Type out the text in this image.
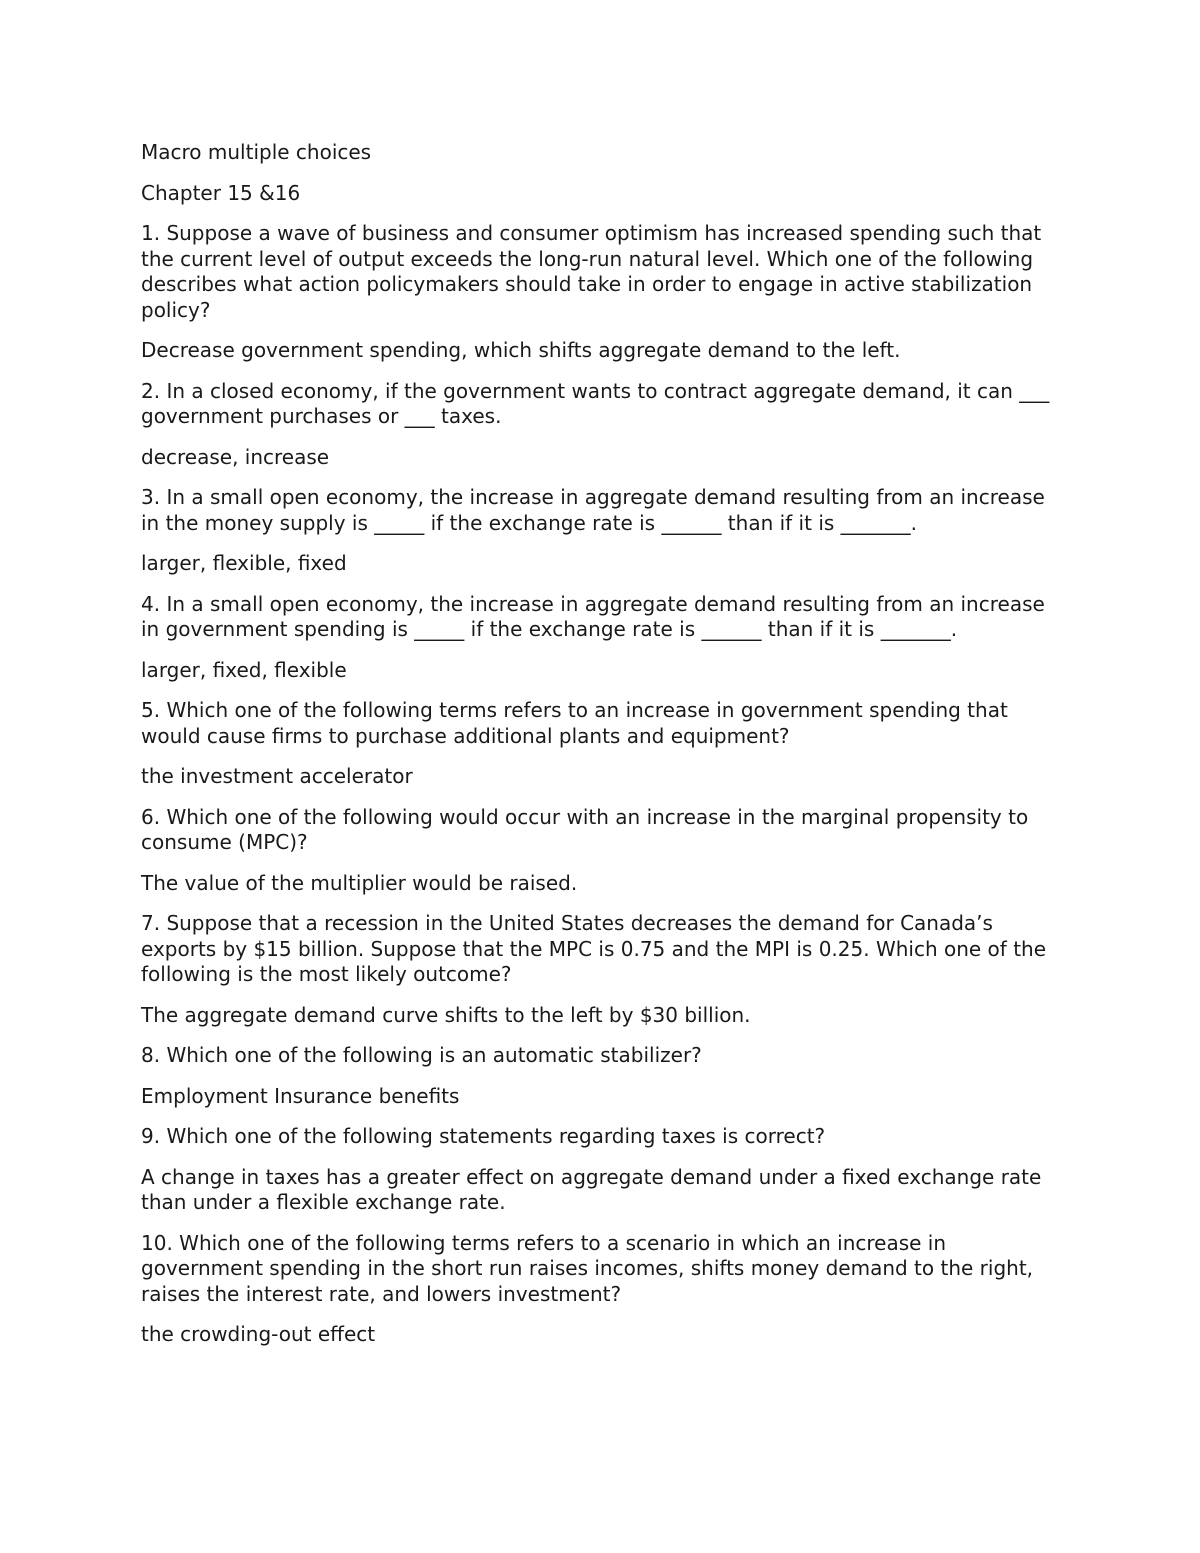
Macro multiple choices

Chapter 15 &16

1. Suppose a wave of business and consumer optimism has increased spending such that the current level of output exceeds the long-run natural level. Which one of the following describes what action policymakers should take in order to engage in active stabilization policy?

Decrease government spending, which shifts aggregate demand to the left.

2. In a closed economy, if the government wants to contract aggregate demand, it can ___ government purchases or ___ taxes.

decrease, increase

3. In a small open economy, the increase in aggregate demand resulting from an increase in the money supply is _____ if the exchange rate is ______ than if it is _______.

larger, flexible, fixed

4. In a small open economy, the increase in aggregate demand resulting from an increase in government spending is _____ if the exchange rate is ______ than if it is _______.

larger, fixed, flexible

5. Which one of the following terms refers to an increase in government spending that would cause firms to purchase additional plants and equipment?

the investment accelerator

6. Which one of the following would occur with an increase in the marginal propensity to consume (MPC)?

The value of the multiplier would be raised.

7. Suppose that a recession in the United States decreases the demand for Canada’s exports by $15 billion. Suppose that the MPC is 0.75 and the MPI is 0.25. Which one of the following is the most likely outcome?

The aggregate demand curve shifts to the left by $30 billion.

8. Which one of the following is an automatic stabilizer?

Employment Insurance benefits

9. Which one of the following statements regarding taxes is correct?

A change in taxes has a greater effect on aggregate demand under a fixed exchange rate than under a flexible exchange rate.

10. Which one of the following terms refers to a scenario in which an increase in government spending in the short run raises incomes, shifts money demand to the right, raises the interest rate, and lowers investment?

the crowding-out effect
